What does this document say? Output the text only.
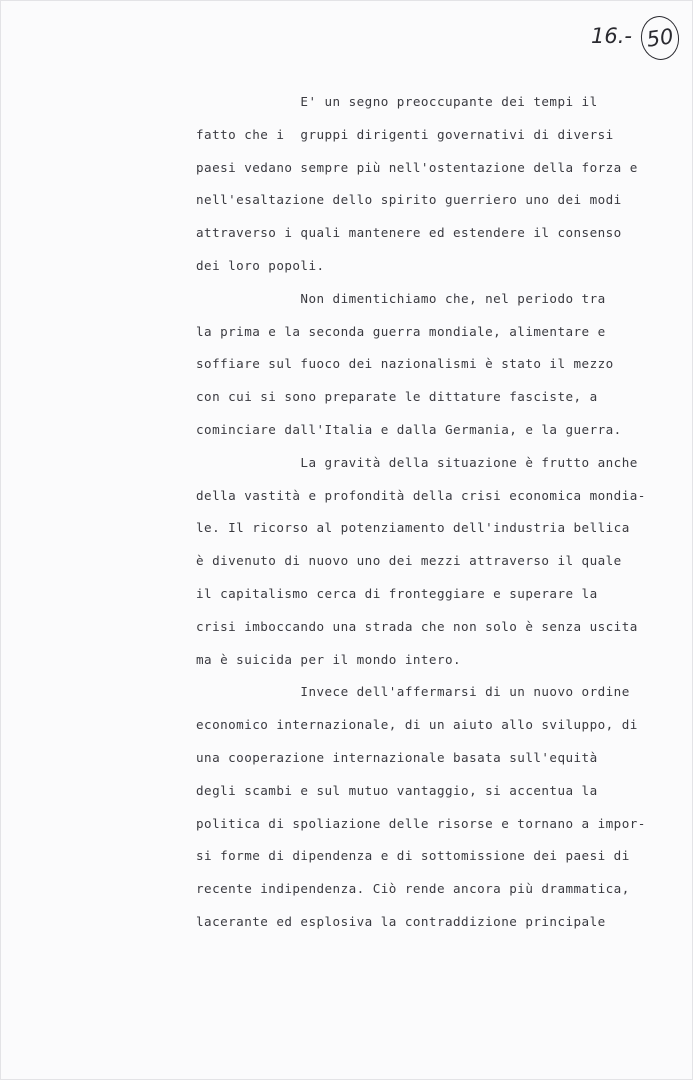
16.- 50
E' un segno preoccupante dei tempi il
fatto che i  gruppi dirigenti governativi di diversi
paesi vedano sempre più nell'ostentazione della forza e
nell'esaltazione dello spirito guerriero uno dei modi
attraverso i quali mantenere ed estendere il consenso
dei loro popoli.
Non dimentichiamo che, nel periodo tra
la prima e la seconda guerra mondiale, alimentare e
soffiare sul fuoco dei nazionalismi è stato il mezzo
con cui si sono preparate le dittature fasciste, a
cominciare dall'Italia e dalla Germania, e la guerra.
La gravità della situazione è frutto anche
della vastità e profondità della crisi economica mondia-
le. Il ricorso al potenziamento dell'industria bellica
è divenuto di nuovo uno dei mezzi attraverso il quale
il capitalismo cerca di fronteggiare e superare la
crisi imboccando una strada che non solo è senza uscita
ma è suicida per il mondo intero.
Invece dell'affermarsi di un nuovo ordine
economico internazionale, di un aiuto allo sviluppo, di
una cooperazione internazionale basata sull'equità
degli scambi e sul mutuo vantaggio, si accentua la
politica di spoliazione delle risorse e tornano a impor-
si forme di dipendenza e di sottomissione dei paesi di
recente indipendenza. Ciò rende ancora più drammatica,
lacerante ed esplosiva la contraddizione principale
